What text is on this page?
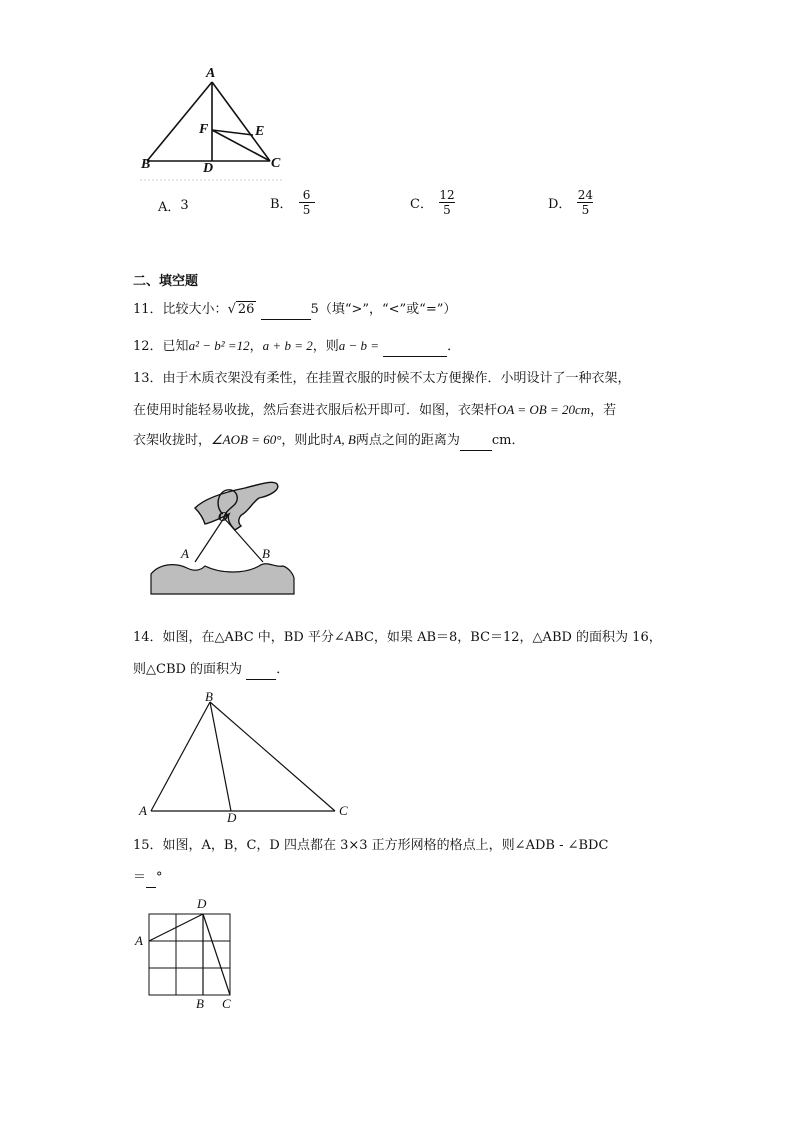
A
F	E
B	D	C
A． 3	B． $\frac{6}{5}$	C． $\frac{12}{5}$	D． $\frac{24}{5}$
二、填空题
11．比较大小：√ 26	5（填“>”，“<”或“=”）
12．已知a² − b² =12，a + b = 2，则a − b =	．
13．由于木质衣架没有柔性，在挂置衣服的时候不太方便操作．小明设计了一种衣架，
在使用时能轻易收拢，然后套进衣服后松开即可．如图，衣架杆OA = OB = 20cm，若
衣架收拢时，∠AOB = 60°，则此时A, B两点之间的距离为 cm．
O
A	B
14．如图，在△ABC 中，BD 平分∠ABC，如果 AB＝8，BC＝12，△ABD 的面积为 16，
则△CBD 的面积为	．
B
A	D	C
15．如图，A，B，C，D 四点都在 3×3 正方形网格的格点上，则∠ADB - ∠BDC
＝ °
D
A
B C
